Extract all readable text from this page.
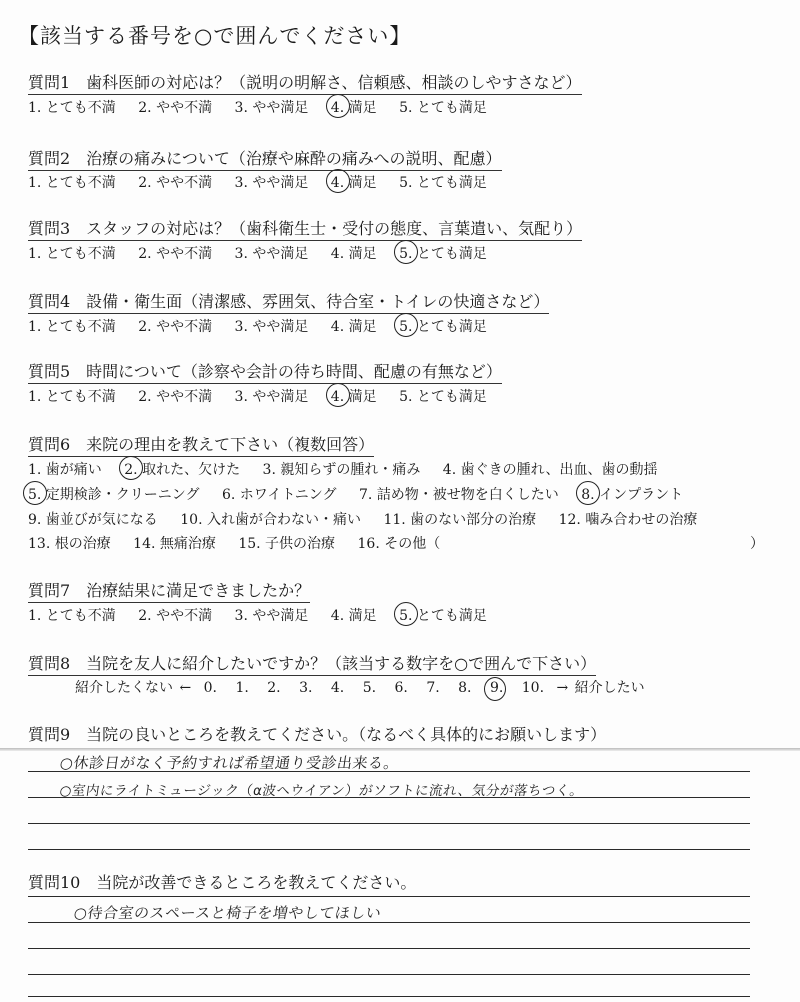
【該当する番号を○で囲んでください】
質問1　歯科医師の対応は？（説明の明解さ、信頼感、相談のしやすさなど）
1. とても不満 2. やや不満 3. やや満足 4. 満足 5. とても満足
質問2　治療の痛みについて（治療や麻酔の痛みへの説明、配慮）
1. とても不満 2. やや不満 3. やや満足 4. 満足 5. とても満足
質問3　スタッフの対応は？（歯科衛生士・受付の態度、言葉遣い、気配り）
1. とても不満 2. やや不満 3. やや満足 4. 満足 5. とても満足
質問4　設備・衛生面（清潔感、雰囲気、待合室・トイレの快適さなど）
1. とても不満 2. やや不満 3. やや満足 4. 満足 5. とても満足
質問5　時間について（診察や会計の待ち時間、配慮の有無など）
1. とても不満 2. やや不満 3. やや満足 4. 満足 5. とても満足
質問6　来院の理由を教えて下さい（複数回答）
1. 歯が痛い 2. 取れた、欠けた 3. 親知らずの腫れ・痛み 4. 歯ぐきの腫れ、出血、歯の動揺
5. 定期検診・クリーニング 6. ホワイトニング 7. 詰め物・被せ物を白くしたい 8. インプラント
9. 歯並びが気になる 10. 入れ歯が合わない・痛い 11. 歯のない部分の治療 12. 噛み合わせの治療
13. 根の治療 14. 無痛治療 15. 子供の治療 16. その他（	）
質問7　治療結果に満足できましたか？
1. とても不満 2. やや不満 3. やや満足 4. 満足 5. とても満足
質問8　当院を友人に紹介したいですか？（該当する数字を○で囲んで下さい）
紹介したくない ← 0. 1. 2. 3. 4. 5. 6. 7. 8. 9. 10. → 紹介したい
質問9　当院の良いところを教えてください。（なるべく具体的にお願いします）
○休診日がなく予約すれば希望通り受診出来る。
○室内にライトミュージック（α波ヘウイアン）がソフトに流れ、気分が落ちつく。
質問10　当院が改善できるところを教えてください。
○待合室のスペースと椅子を増やしてほしい
